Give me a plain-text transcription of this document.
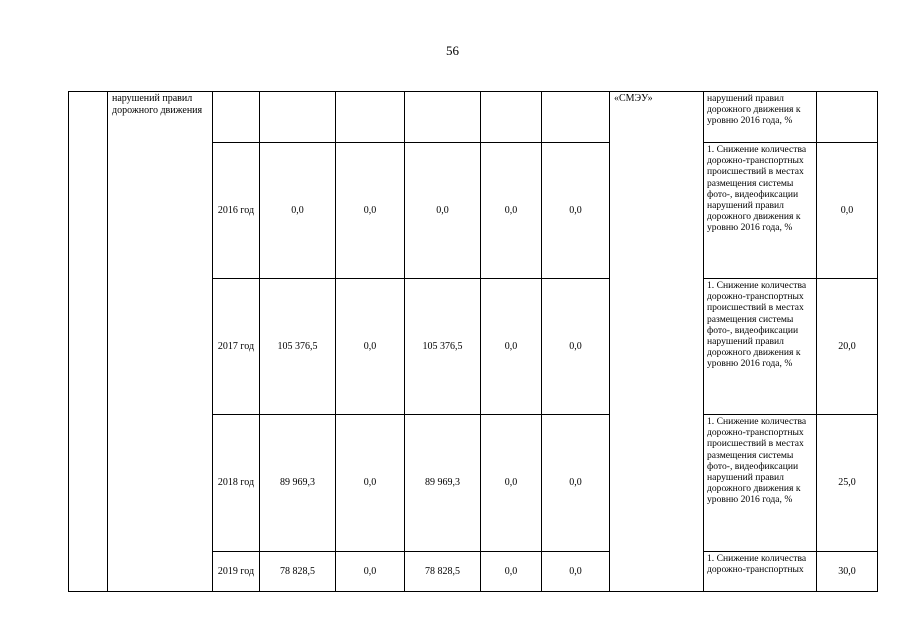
56
	нарушений правил дорожного движения							«СМЭУ»	нарушений правил дорожного движения к уровню 2016 года, %	
		2016 год	0,0	0,0	0,0	0,0	0,0		1. Снижение количества дорожно-транспортных происшествий в местах размещения системы фото-, видеофиксации нарушений правил дорожного движения к уровню 2016 года, %	0,0
		2017 год	105 376,5	0,0	105 376,5	0,0	0,0		1. Снижение количества дорожно-транспортных происшествий в местах размещения системы фото-, видеофиксации нарушений правил дорожного движения к уровню 2016 года, %	20,0
		2018 год	89 969,3	0,0	89 969,3	0,0	0,0		1. Снижение количества дорожно-транспортных происшествий в местах размещения системы фото-, видеофиксации нарушений правил дорожного движения к уровню 2016 года, %	25,0
		2019 год	78 828,5	0,0	78 828,5	0,0	0,0		1. Снижение количества дорожно-транспортных	30,0
